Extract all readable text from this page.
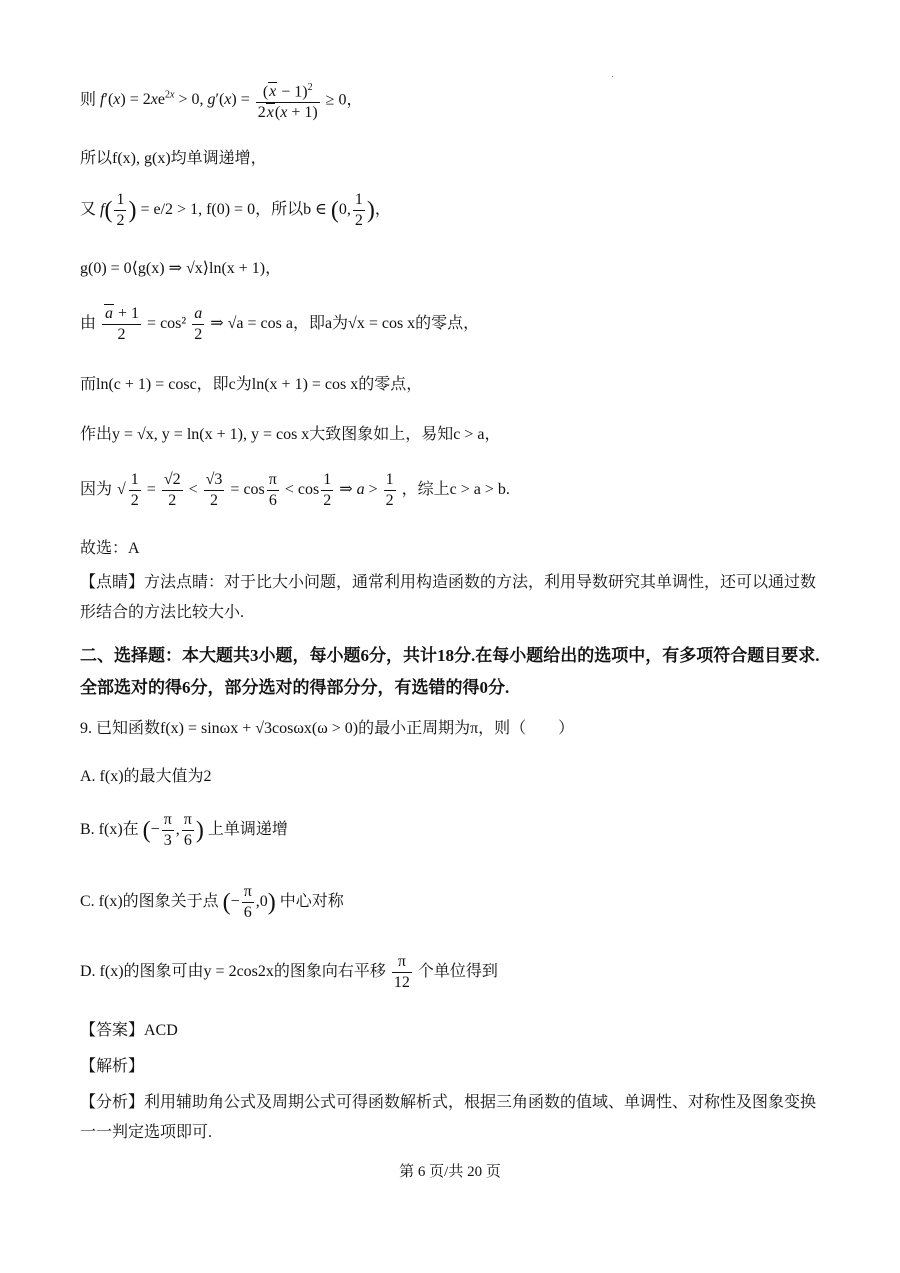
则 $f'(x) = 2xe^{2x} > 0$, $g'(x) = \frac{(x - 1)^2}{2x(x + 1)} \ge 0$，
所以f(x), g(x)均单调递增，
又 $f( \frac{1}{2}$ ) = e/2 > 1, f(0) = 0，所以b ∈ (0, $\frac{1}{2}$ )，
g(0) = 0⟨g(x) ⇒ √x⟩ln(x + 1)，
由 $\frac{a + 1}{2} = \cos^2 \frac{a}{2}$ ⇒ √a = cos a，即a为√x = cos x的零点，
而ln(c + 1) = cosc，即c为ln(x + 1) = cos x的零点，
作出y = √x, y = ln(x + 1), y = cos x大致图象如上，易知c > a，
因为 √ $\frac{1}{2} = \frac{√2}{2} < \frac{√3}{2} = \cos \frac{\pi}{6} < \cos \frac{1}{2}$ ⇒ $a > \frac{1}{2}$ ，综上c > a > b.
故选：A
【点睛】方法点睛：对于比大小问题，通常利用构造函数的方法，利用导数研究其单调性，还可以通过数形结合的方法比较大小.
二、选择题：本大题共3小题，每小题6分，共计18分.在每小题给出的选项中，有多项符合题目要求.全部选对的得6分，部分选对的得部分分，有选错的得0分.
9. 已知函数f(x) = sinωx + √3cosωx(ω > 0)的最小正周期为π，则（　　）
A. f(x)的最大值为2
B. f(x)在 (− $\frac{\pi}{3}$ , $\frac{\pi}{6}$ ) 上单调递增
C. f(x)的图象关于点 (− $\frac{\pi}{6} ,0$) 中心对称
D. f(x)的图象可由y = 2cos2x的图象向右平移 $\frac{\pi}{12}$ 个单位得到
【答案】ACD
【解析】
【分析】利用辅助角公式及周期公式可得函数解析式，根据三角函数的值域、单调性、对称性及图象变换一一判定选项即可.
第 6 页/共 20 页
